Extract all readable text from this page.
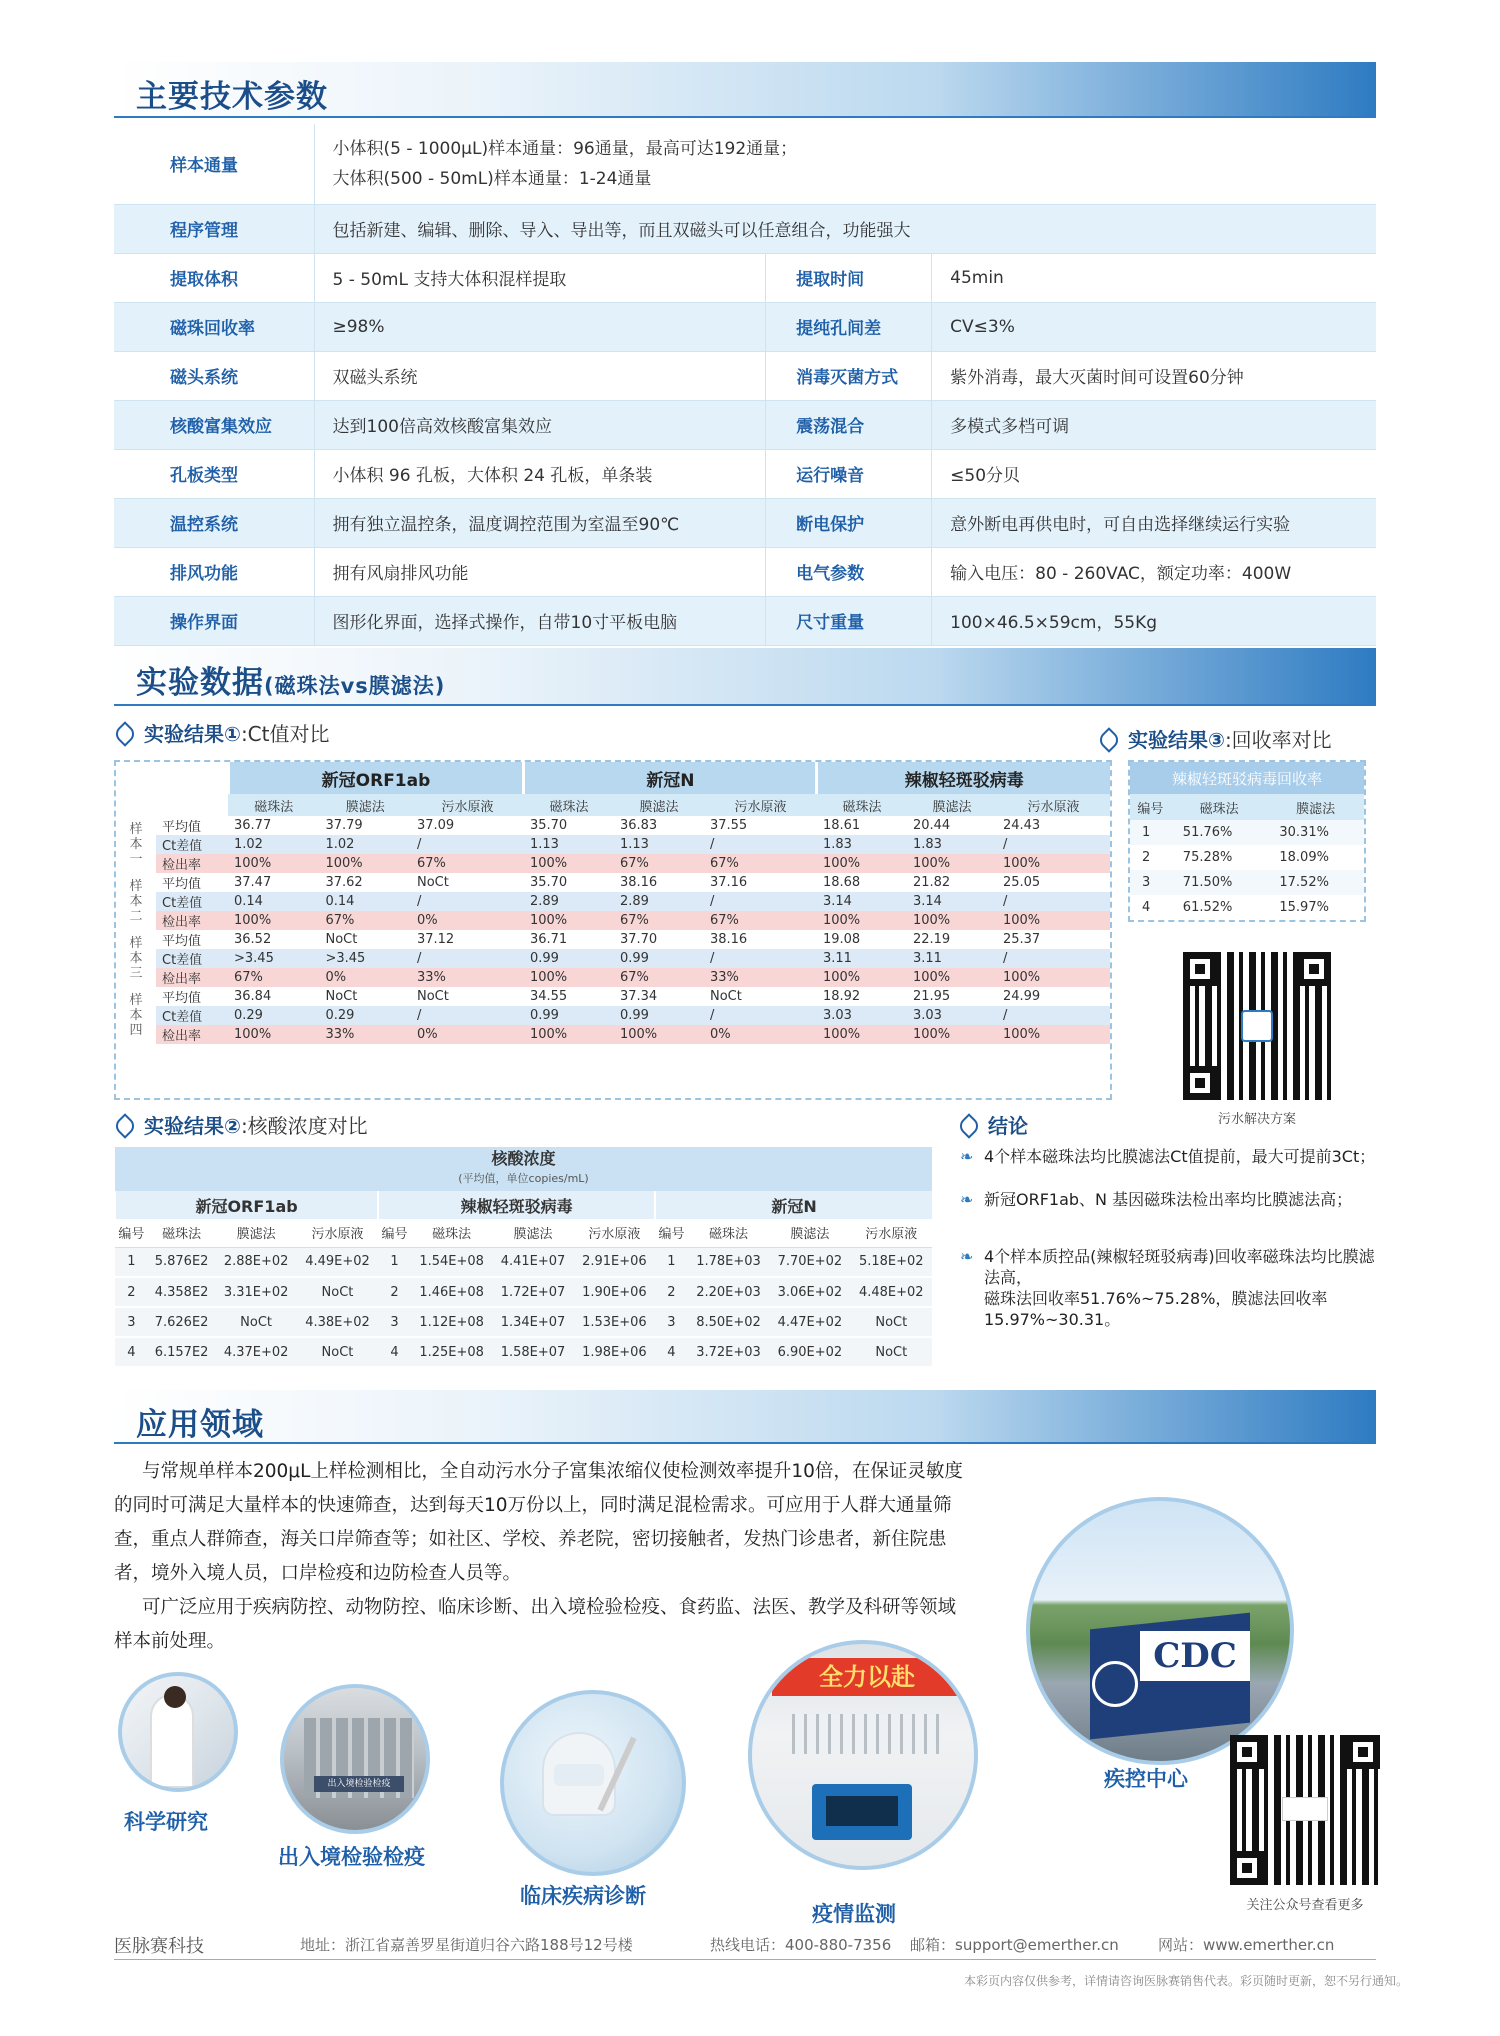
主要技术参数
样本通量	小体积(5 - 1000μL)样本通量：96通量，最高可达192通量；
大体积(500 - 50mL)样本通量：1-24通量		

程序管理	包括新建、编辑、删除、导入、导出等，而且双磁头可以任意组合，功能强大		

提取体积	5 - 50mL 支持大体积混样提取	提取时间	45min
磁珠回收率	≥98%	提纯孔间差	CV≤3%
磁头系统	双磁头系统	消毒灭菌方式	紫外消毒，最大灭菌时间可设置60分钟
核酸富集效应	达到100倍高效核酸富集效应	震荡混合	多模式多档可调
孔板类型	小体积 96 孔板，大体积 24 孔板，单条装	运行噪音	≤50分贝
温控系统	拥有独立温控条，温度调控范围为室温至90℃	断电保护	意外断电再供电时，可自由选择继续运行实验
排风功能	拥有风扇排风功能	电气参数	输入电压：80 - 260VAC，额定功率：400W
操作界面	图形化界面，选择式操作，自带10寸平板电脑	尺寸重量	100×46.5×59cm，55Kg
实验数据(磁珠法vs膜滤法)
实验结果①:Ct值对比	实验结果③:回收率对比
		新冠ORF1ab			新冠N			辣椒轻斑驳病毒		
		磁珠法	膜滤法	污水原液	磁珠法	膜滤法	污水原液	磁珠法	膜滤法	污水原液

样
本
一	平均值	36.77	37.79	37.09	35.70	36.83	37.55	18.61	20.44	24.43
	Ct差值	1.02	1.02	/	1.13	1.13	/	1.83	1.83	/
	检出率	100%	100%	67%	100%	67%	67%	100%	100%	100%

样
本
二	平均值	37.47	37.62	NoCt	35.70	38.16	37.16	18.68	21.82	25.05
	Ct差值	0.14	0.14	/	2.89	2.89	/	3.14	3.14	/
	检出率	100%	67%	0%	100%	67%	67%	100%	100%	100%

样
本
三	平均值	36.52	NoCt	37.12	36.71	37.70	38.16	19.08	22.19	25.37
	Ct差值	>3.45	>3.45	/	0.99	0.99	/	3.11	3.11	/
	检出率	67%	0%	33%	100%	67%	33%	100%	100%	100%

样
本
四	平均值	36.84	NoCt	NoCt	34.55	37.34	NoCt	18.92	21.95	24.99
	Ct差值	0.29	0.29	/	0.99	0.99	/	3.03	3.03	/
	检出率	100%	33%	0%	100%	100%	0%	100%	100%	100%
辣椒轻斑驳病毒回收率		
编号	磁珠法	膜滤法
1	51.76%	30.31%
2	75.28%	18.09%
3	71.50%	17.52%
4	61.52%	15.97%
污水解决方案
实验结果②:核酸浓度对比	结论
核酸浓度
(平均值，单位copies/mL)											
新冠ORF1ab				辣椒轻斑驳病毒				新冠N			
编号	磁珠法	膜滤法	污水原液	编号	磁珠法	膜滤法	污水原液	编号	磁珠法	膜滤法	污水原液
1	5.876E2	2.88E+02	4.49E+02	1	1.54E+08	4.41E+07	2.91E+06	1	1.78E+03	7.70E+02	5.18E+02
2	4.358E2	3.31E+02	NoCt	2	1.46E+08	1.72E+07	1.90E+06	2	2.20E+03	3.06E+02	4.48E+02
3	7.626E2	NoCt	4.38E+02	3	1.12E+08	1.34E+07	1.53E+06	3	8.50E+02	4.47E+02	NoCt
4	6.157E2	4.37E+02	NoCt	4	1.25E+08	1.58E+07	1.98E+06	4	3.72E+03	6.90E+02	NoCt

❧ 4个样本磁珠法均比膜滤法Ct值提前，最大可提前3Ct；

❧ 新冠ORF1ab、N 基因磁珠法检出率均比膜滤法高；

❧ 4个样本质控品(辣椒轻斑驳病毒)回收率磁珠法均比膜滤法高，
磁珠法回收率51.76%~75.28%，膜滤法回收率15.97%~30.31。

应用领域

与常规单样本200μL上样检测相比，全自动污水分子富集浓缩仪使检测效率提升10倍，在保证灵敏度的同时可满足大量样本的快速筛查，达到每天10万份以上，同时满足混检需求。可应用于人群大通量筛查，重点人群筛查，海关口岸筛查等；如社区、学校、养老院，密切接触者，发热门诊患者，新住院患者，境外入境人员，口岸检疫和边防检查人员等。

可广泛应用于疾病防控、动物防控、临床诊断、出入境检验检疫、食药监、法医、教学及科研等领域样本前处理。	CDC
疾控中心
关注公众号查看更多
科学研究
出入境检验检疫
出入境检验检疫
临床疾病诊断
全力以赴
疫情监测
医脉赛科技	地址：浙江省嘉善罗星街道归谷六路188号12号楼	热线电话：400-880-7356 邮箱：support@emerther.cn	网站：www.emerther.cn
本彩页内容仅供参考，详情请咨询医脉赛销售代表。彩页随时更新，恕不另行通知。
